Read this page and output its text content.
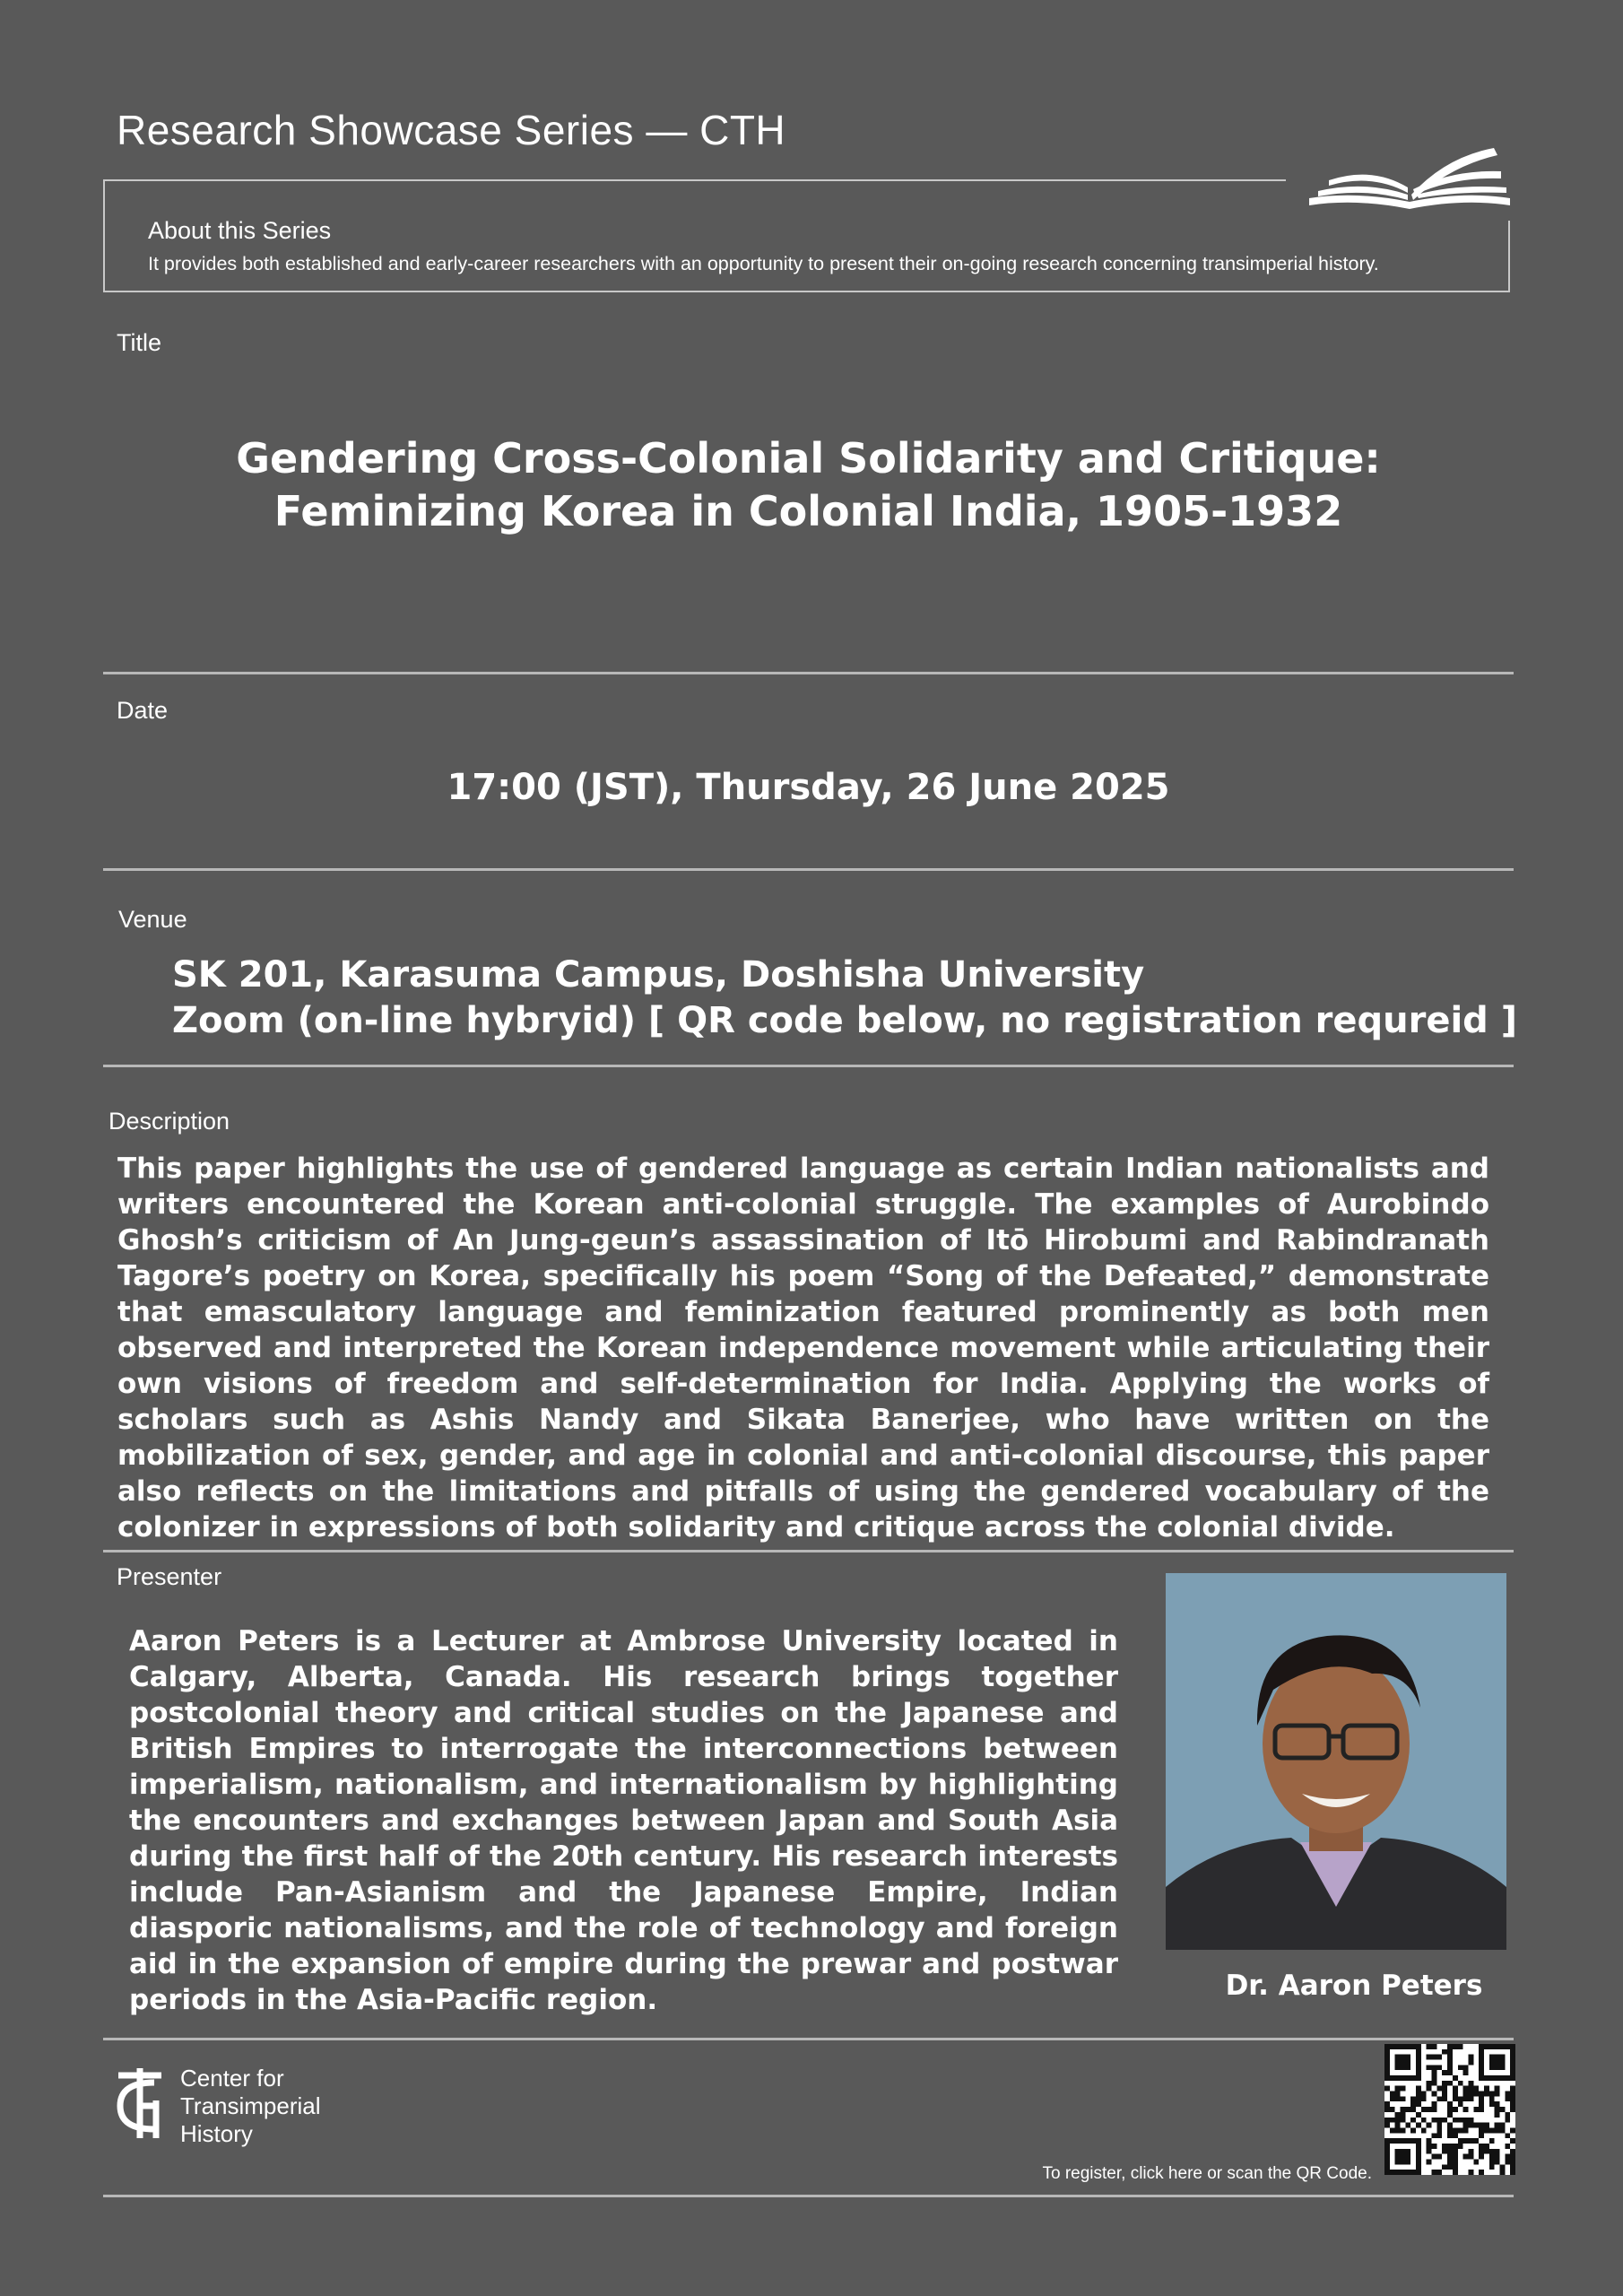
Research Showcase Series — CTH
About this Series
It provides both established and early-career researchers with an opportunity to present their on-going research concerning transimperial history.
Title
Gendering Cross-Colonial Solidarity and Critique:
Feminizing Korea in Colonial India, 1905-1932
Date
17:00 (JST), Thursday, 26 June 2025
Venue
SK 201, Karasuma Campus, Doshisha University
Zoom (on-line hybryid) [ QR code below, no registration requreid ]
Description
This paper highlights the use of gendered language as certain Indian nationalists and writers encountered the Korean anti-colonial struggle. The examples of Aurobindo Ghosh’s criticism of An Jung-geun’s assassination of Itō Hirobumi and Rabindranath Tagore’s poetry on Korea, specifically his poem “Song of the Defeated,” demonstrate that emasculatory language and feminization featured prominently as both men observed and interpreted the Korean independence movement while articulating their own visions of freedom and self-determination for India. Applying the works of scholars such as Ashis Nandy and Sikata Banerjee, who have written on the mobilization of sex, gender, and age in colonial and anti-colonial discourse, this paper also reflects on the limitations and pitfalls of using the gendered vocabulary of the colonizer in expressions of both solidarity and critique across the colonial divide.
Presenter
Aaron Peters is a Lecturer at Ambrose University located in Calgary, Alberta, Canada. His research brings together postcolonial theory and critical studies on the Japanese and British Empires to interrogate the interconnections between imperialism, nationalism, and internationalism by highlighting the encounters and exchanges between Japan and South Asia during the first half of the 20th century. His research interests include Pan-Asianism and the Japanese Empire, Indian diasporic nationalisms, and the role of technology and foreign aid in the expansion of empire during the prewar and postwar periods in the Asia-Pacific region.	Dr. Aaron Peters
Center for
Transimperial
History
To register, click here or scan the QR Code.
